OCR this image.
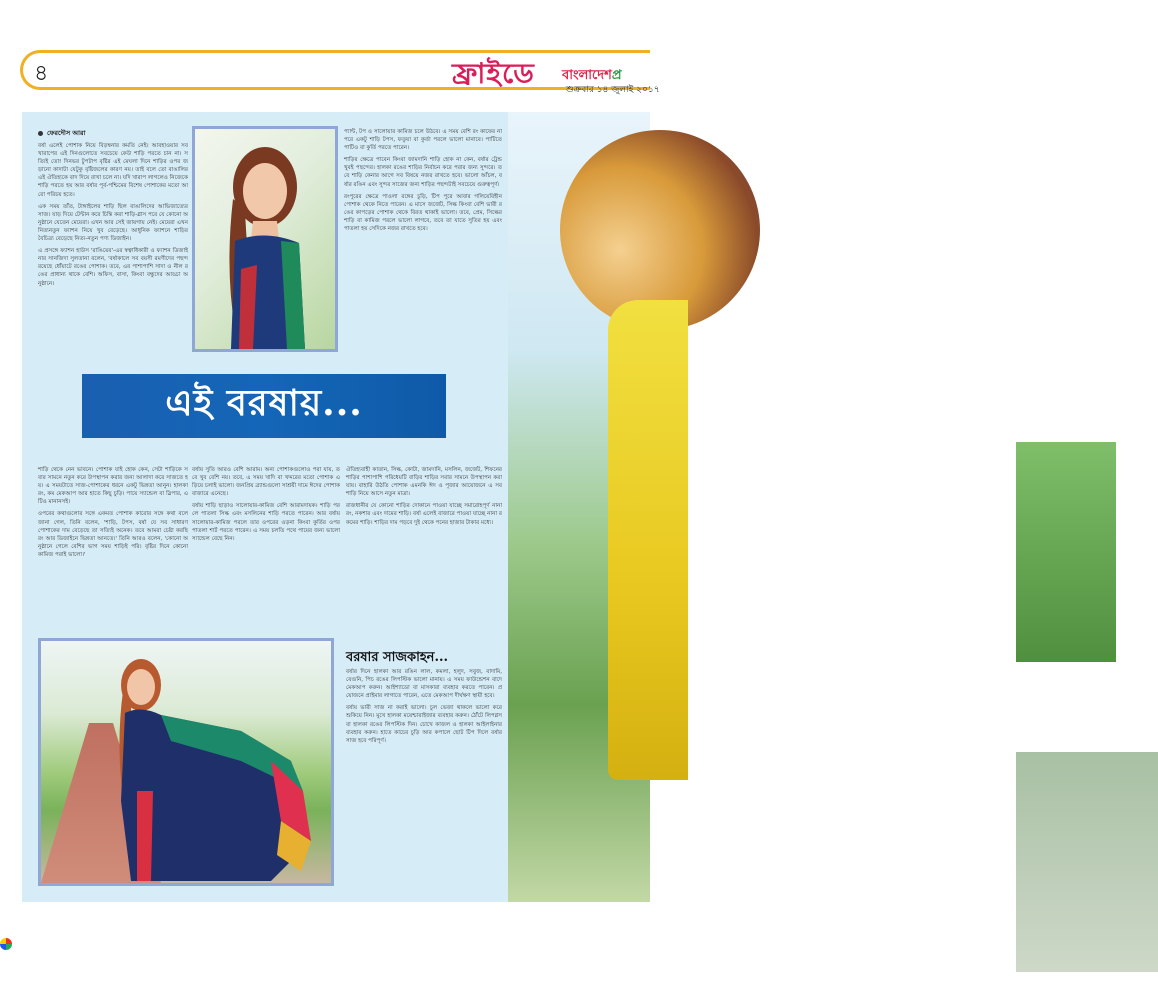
৪	ফ্রাইডে বাংলাদেশপ্র
শুক্রবার ১৪ জুলাই ২০১৭
ফেরদৌস আরা

বর্ষা এলেই পোশাক নিয়ে বিড়ম্বনার কমতি নেই। আবহাওয়ার সব খারাপের এই দিনগুলোতে সবচেয়ে কেউ শাড়ি পরতে চান না। সত্যিই তো! দিনভর টুপটাপ বৃষ্টির এই মেঘলা দিনে শাড়ির ওপর জড়ানো কাদাটা যেটুকু বৃষ্টিজলের কারণ নয়। তাই বলে তো বাঙালির এই ঐতিহ্যকে বাদ দিয়ে রাখা চলে না। যদি খারাপ লাগলেও নিজেকে শাড়ি পরতে হয় আর বর্ষার পূর্ব-পশ্চিমের বিশেষ পোশাকের মতো আরো পরিচয় হতে।

এক সময় তাঁত, টাঙ্গাইলের শাড়ি ছিল বাঙালিদের আভিজাত্যের সাজ। যাড় দিয়ে টেন্টান করে চিন্তি করা শাড়ি-গ্লাস পরে যে কোনো অনুষ্ঠানে যেতেন মেয়েরা। এখন আর সেই জায়গায় নেই। মেয়েরা এখন নিত্যনতুন ফ্যাশন নিয়ে খুব বেড়েছে। আধুনিক ফ্যাশনে শাড়ির বৈচিত্র্য বেড়েছে নিত্য-নতুন পণ্য ডিজাইন।

এ প্রসঙ্গে ফ্যাশন হাউস 'রাঙিয়ের'-এর স্বত্বাধিকারী ও ফ্যাশন ডিজাইনার সানজিদা সুলতানা বলেন, 'বর্ষাকালে সব বয়সী রমণীদের পছন্দ রয়েছে ধোঁয়াটে রঙের পোশাক। তবে, এর পাশাপাশি সাদা ও নীল রঙের প্রাধান্য থাকে বেশি। অফিস, বাসা, কিংবা বন্ধুদের আড্ডা অনুষ্ঠানে।

প্যান্ট, টপ ও সালোয়ার কামিজ চলে উঠবে। এ সময় বেশি রং কাফের না পরে একটু শাড়ি টপস, ফতুয়া বা কুর্তা পরলে ভালো মানাবে। পাটিতে পাটিও বা কুর্তি পরতে পারেন।

শাড়ির ক্ষেত্রে পাবেন কিংবা জামদানি শাড়ি হোক না কেন, বর্ষার ট্রেন্ড খুবই পছন্দের। হালকা রঙের শাড়ির নির্বাচন করে পরার জন্য সুন্দরে। তবে শাড়ি কেনার আগে সব বিষয়ে নজর রাখতে হবে। ভালো আঁচল, বর্ষার রঙিন এবং সুন্দর সাজের জন্য শাড়ির পছন্দটাই সবচেয়ে গুরুত্বপূর্ণ।

রংপুরের ক্ষেত্রে পাওলা রঙ্গের চুড়ি, টিপ পুরে আবার গলিয়েবিহীন পোশাক থেকে নিতে পারেন। এ মাসে জর্জেট, সিল্ক কিংবা বেশি ভারী রঙের কাপড়ের পোশাক থেকে বিরত থাকাই ভালো। তবে, প্রেম, সিল্কের শাড়ি বা কামিজ পরলে ভালো লাগবে, তবে তা যাতে সুতির হয় এবং পাতলা হয় সেদিকে নজর রাখতে হবে।

এই বরষায়...

শাড়ি থেকে নেন ভাবনে। পোশাক যাই হোক কেন, সেটা শাড়িকে সবার সামনে নতুন করে উপস্থাপন করার জন্য আলাদা করে সাজতে হয়। এ সময়টাতে সাজ-পোশাকের ধরনে একটু ভিন্নতা আনুন। হালকা রং, কম মেকআপ আর হাতে কিছু চুড়ি। পায়ে স্যান্ডেল বা স্লিপার, এটিও মানানসই।

ওপরের কথাগুলোর সঙ্গে একমত পোশাক কারোর সঙ্গে কথা বলে জানা গেল, তিনি বলেন, 'শাড়ি, টপস, বর্ষা যে সব সাধারণ পোশাকের দাম বেড়েছে তা সত্যিই অনেক। তবে আমরা চেষ্টা করছি রং আর ডিজাইনে ভিন্নতা আনতে।' তিনি আরও বলেন, 'কোনো অনুষ্ঠানে গেলে বেশির ভাগ সময় শাড়িই পরি। বৃষ্টির দিনে কোনো কামিজ পরাই ভালো।'

বর্ষায় সুতি আরও বেশি আরাম। অন্য পোশাকগুলোও পরা যায়, তবে খুব বেশি নয়। তবে, এ সময় খাদি বা খদ্দরের মতো পোশাক এড়িয়ে চলাই ভালো। জনপ্রিয় ব্র্যান্ডগুলো সাশ্রয়ী দামে ঈদের পোশাক বাজারে এনেছে।

বর্ষায় শাড়ি ছাড়াও সালোয়ার-কামিজ বেশি আরামদায়ক। শাড়ি পরলে পাতলা সিল্ক এবং মসলিনের শাড়ি পরতে পারেন। আর বর্ষায় সালোয়ার-কামিজ পরলে তার ওপরের ওড়না কিংবা কুর্তির ওপর পাতলা শার্ট পরতে পারেন। এ সময় চলতি পথে পায়ের জন্য ভালো স্যান্ডেল বেছে নিন।

ঐতিহ্যবাহী কাতান, সিল্ক, কোটা, জামদানি, মসলিন, জর্জেট, শিফনের শাড়ির পাশাপাশি পরিধেয়টি বাড়ির শাড়ির সবার সামনে উপস্থাপন করা যায়। বাহারি উঠতি পোশাক এমনকি ঈদ ও পূজার আয়োজনে এ সব শাড়ি নিয়ে আসে নতুন মাত্রা।

রাজধানীর যে কোনো শাড়ির দোকানে পাওয়া যাচ্ছে সমারোহপূর্ণ নানা রং, নকশার এবং দামের শাড়ি। বর্ষা এলেই বাজারে পাওয়া যাচ্ছে নানা রকমের শাড়ি। শাড়ির দাম পড়বে দুই থেকে পনের হাজার টাকার মধ্যে।

বরষার সাজকাহন...

বর্ষার দিনে হালকা আর রঙিন লাল, কমলা, হলুদ, সবুজ, বাদামি, বেগুনি, পিচ রঙের লিপস্টিক ভালো মানায়। এ সময় ফাউন্ডেশন বাদে মেকআপ করুন। আইশ্যাডো বা মাসকারা ব্যবহার করতে পারেন। প্রয়োজনে প্রাইমার লাগাতে পারেন, এতে মেকআপ দীর্ঘক্ষণ স্থায়ী হবে।

বর্ষায় ভারী সাজ না করাই ভালো। চুল ভেজা থাকলে ভালো করে শুকিয়ে নিন। মুখে হালকা ময়েশ্চারাইজার ব্যবহার করুন। ঠোঁটে লিপগ্লস বা হালকা রঙের লিপস্টিক দিন। চোখে কাজল ও হালকা আইলাইনার ব্যবহার করুন। হাতে কাচের চুড়ি আর কপালে ছোট টিপ দিলে বর্ষার সাজ হবে পরিপূর্ণ।
